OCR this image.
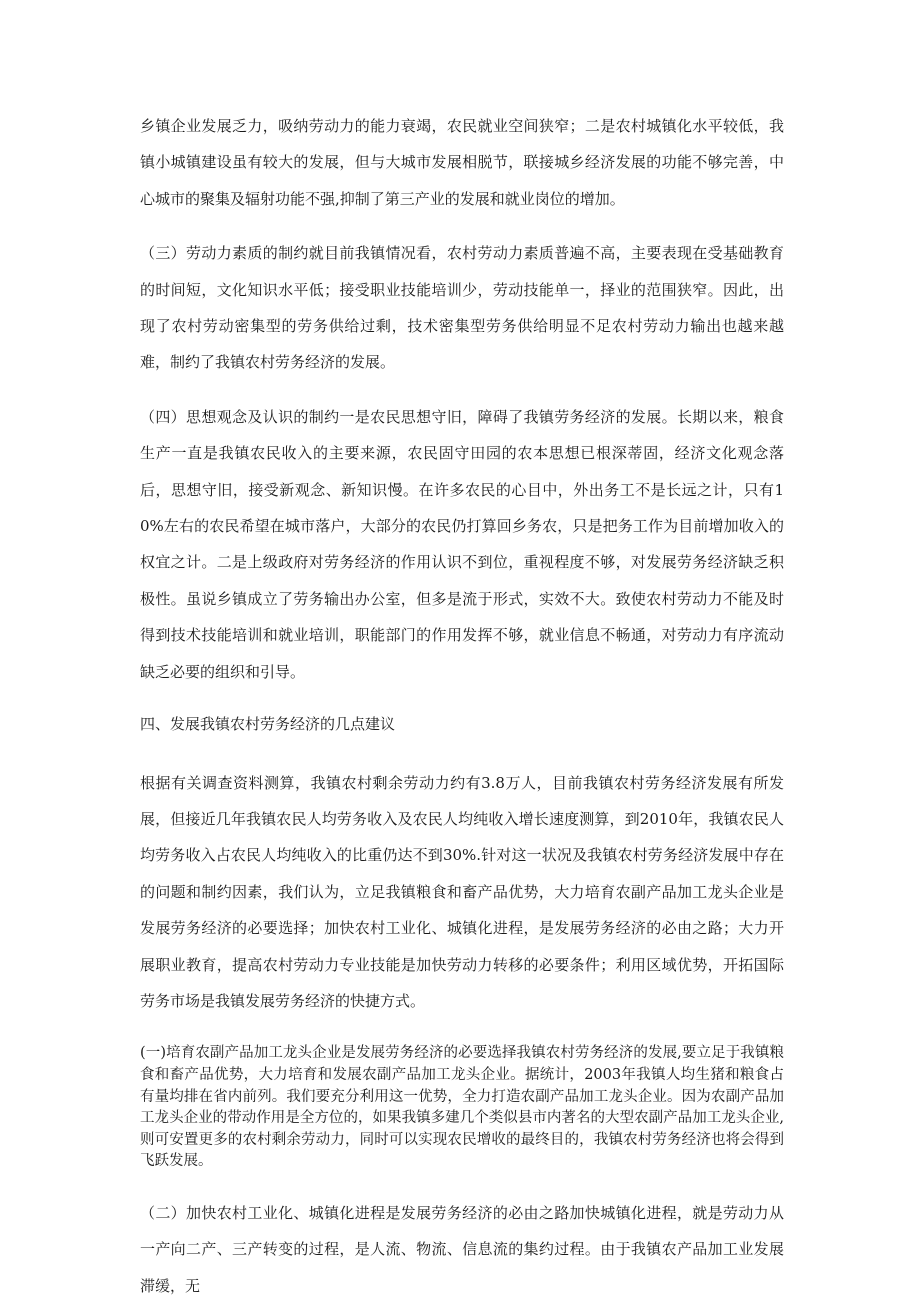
乡镇企业发展乏力，吸纳劳动力的能力衰竭，农民就业空间狭窄；二是农村城镇化水平较低，我镇小城镇建设虽有较大的发展，但与大城市发展相脱节，联接城乡经济发展的功能不够完善，中心城市的聚集及辐射功能不强,抑制了第三产业的发展和就业岗位的增加。

（三）劳动力素质的制约就目前我镇情况看，农村劳动力素质普遍不高，主要表现在受基础教育的时间短，文化知识水平低；接受职业技能培训少，劳动技能单一，择业的范围狭窄。因此，出现了农村劳动密集型的劳务供给过剩，技术密集型劳务供给明显不足农村劳动力输出也越来越难，制约了我镇农村劳务经济的发展。

（四）思想观念及认识的制约一是农民思想守旧，障碍了我镇劳务经济的发展。长期以来，粮食生产一直是我镇农民收入的主要来源，农民固守田园的农本思想已根深蒂固，经济文化观念落后，思想守旧，接受新观念、新知识慢。在许多农民的心目中，外出务工不是长远之计，只有10%左右的农民希望在城市落户，大部分的农民仍打算回乡务农，只是把务工作为目前增加收入的权宜之计。二是上级政府对劳务经济的作用认识不到位，重视程度不够，对发展劳务经济缺乏积极性。虽说乡镇成立了劳务输出办公室，但多是流于形式，实效不大。致使农村劳动力不能及时得到技术技能培训和就业培训，职能部门的作用发挥不够，就业信息不畅通，对劳动力有序流动缺乏必要的组织和引导。

四、发展我镇农村劳务经济的几点建议

根据有关调查资料测算，我镇农村剩余劳动力约有3.8万人，目前我镇农村劳务经济发展有所发展，但接近几年我镇农民人均劳务收入及农民人均纯收入增长速度测算，到2010年，我镇农民人均劳务收入占农民人均纯收入的比重仍达不到30%.针对这一状况及我镇农村劳务经济发展中存在的问题和制约因素，我们认为，立足我镇粮食和畜产品优势，大力培育农副产品加工龙头企业是发展劳务经济的必要选择；加快农村工业化、城镇化进程，是发展劳务经济的必由之路；大力开展职业教育，提高农村劳动力专业技能是加快劳动力转移的必要条件；利用区域优势，开拓国际劳务市场是我镇发展劳务经济的快捷方式。

(一)培育农副产品加工龙头企业是发展劳务经济的必要选择我镇农村劳务经济的发展,要立足于我镇粮食和畜产品优势，大力培育和发展农副产品加工龙头企业。据统计，2003年我镇人均生猪和粮食占有量均排在省内前列。我们要充分利用这一优势，全力打造农副产品加工龙头企业。因为农副产品加工龙头企业的带动作用是全方位的，如果我镇多建几个类似县市内著名的大型农副产品加工龙头企业,则可安置更多的农村剩余劳动力，同时可以实现农民增收的最终目的，我镇农村劳务经济也将会得到飞跃发展。

（二）加快农村工业化、城镇化进程是发展劳务经济的必由之路加快城镇化进程，就是劳动力从一产向二产、三产转变的过程，是人流、物流、信息流的集约过程。由于我镇农产品加工业发展滞缓，无
